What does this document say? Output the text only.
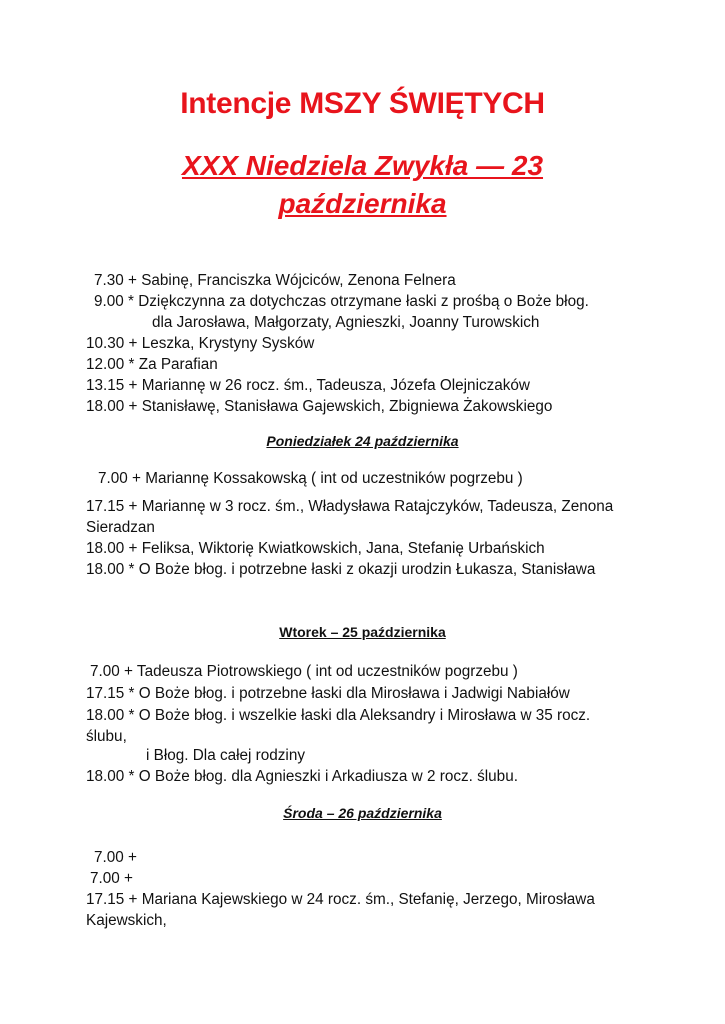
Intencje MSZY ŚWIĘTYCH
XXX Niedziela Zwykła — 23
października
7.30 + Sabinę, Franciszka Wójciców, Zenona Felnera
9.00 * Dziękczynna za dotychczas otrzymane łaski z prośbą o Boże błog.
dla Jarosława, Małgorzaty, Agnieszki, Joanny Turowskich
10.30 + Leszka, Krystyny Sysków
12.00 * Za Parafian
13.15 + Mariannę w 26 rocz. śm., Tadeusza, Józefa Olejniczaków
18.00 + Stanisławę, Stanisława Gajewskich, Zbigniewa Żakowskiego
Poniedziałek 24 października
7.00 + Mariannę Kossakowską ( int od uczestników pogrzebu )
17.15 + Mariannę w 3 rocz. śm., Władysława Ratajczyków, Tadeusza, Zenona
Sieradzan
18.00 + Feliksa, Wiktorię Kwiatkowskich, Jana, Stefanię Urbańskich
18.00 * O Boże błog. i potrzebne łaski z okazji urodzin Łukasza, Stanisława
Wtorek – 25 października
7.00 + Tadeusza Piotrowskiego ( int od uczestników pogrzebu )
17.15 * O Boże błog. i potrzebne łaski dla Mirosława i Jadwigi Nabiałów
18.00 * O Boże błog. i wszelkie łaski dla Aleksandry i Mirosława w 35 rocz.
ślubu,
i Błog. Dla całej rodziny
18.00 * O Boże błog. dla Agnieszki i Arkadiusza w 2 rocz. ślubu.
Środa – 26 października
7.00 +
7.00 +
17.15 + Mariana Kajewskiego w 24 rocz. śm., Stefanię, Jerzego, Mirosława
Kajewskich,
